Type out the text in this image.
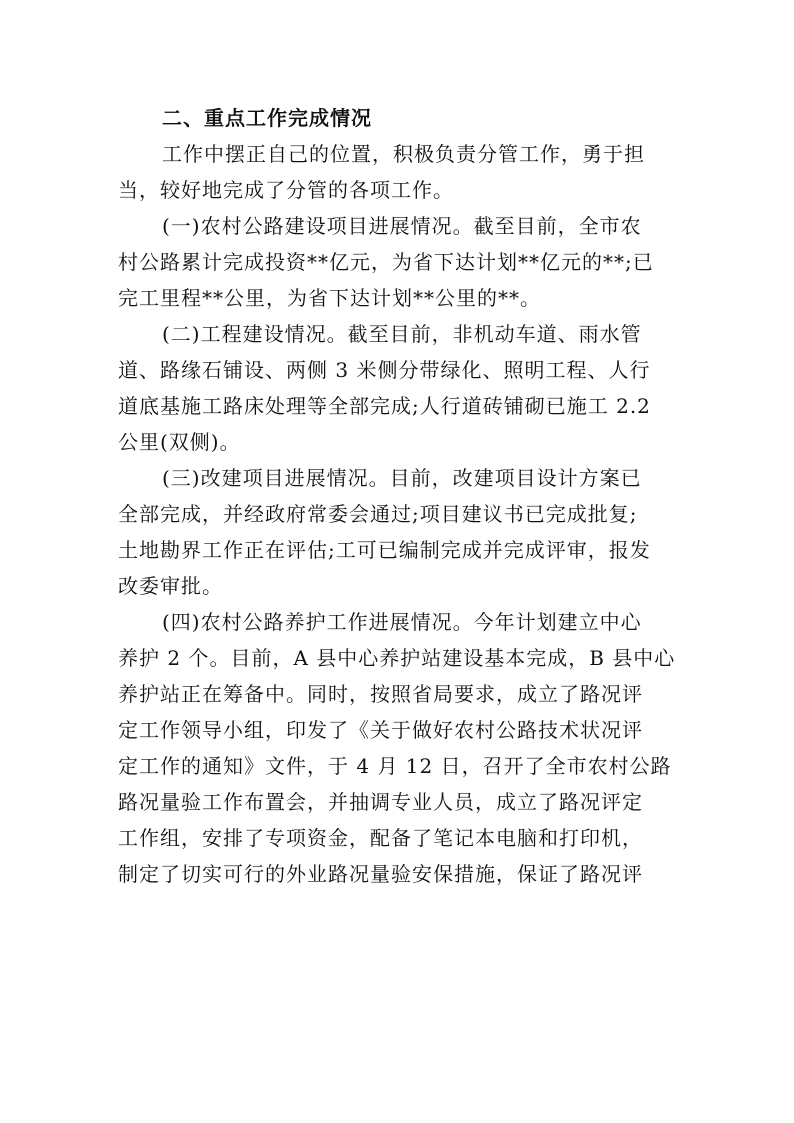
二、重点工作完成情况

工作中摆正自己的位置，积极负责分管工作，勇于担
当，较好地完成了分管的各项工作。

(一)农村公路建设项目进展情况。截至目前，全市农
村公路累计完成投资**亿元，为省下达计划**亿元的**;已
完工里程**公里，为省下达计划**公里的**。

(二)工程建设情况。截至目前，非机动车道、雨水管
道、路缘石铺设、两侧 3 米侧分带绿化、照明工程、人行
道底基施工路床处理等全部完成;人行道砖铺砌已施工 2.2
公里(双侧)。

(三)改建项目进展情况。目前，改建项目设计方案已
全部完成，并经政府常委会通过;项目建议书已完成批复;
土地勘界工作正在评估;工可已编制完成并完成评审，报发
改委审批。

(四)农村公路养护工作进展情况。今年计划建立中心
养护 2 个。目前，A 县中心养护站建设基本完成，B 县中心
养护站正在筹备中。同时，按照省局要求，成立了路况评
定工作领导小组，印发了《关于做好农村公路技术状况评
定工作的通知》文件，于 4 月 12 日，召开了全市农村公路
路况量验工作布置会，并抽调专业人员，成立了路况评定
工作组，安排了专项资金，配备了笔记本电脑和打印机，
制定了切实可行的外业路况量验安保措施，保证了路况评
